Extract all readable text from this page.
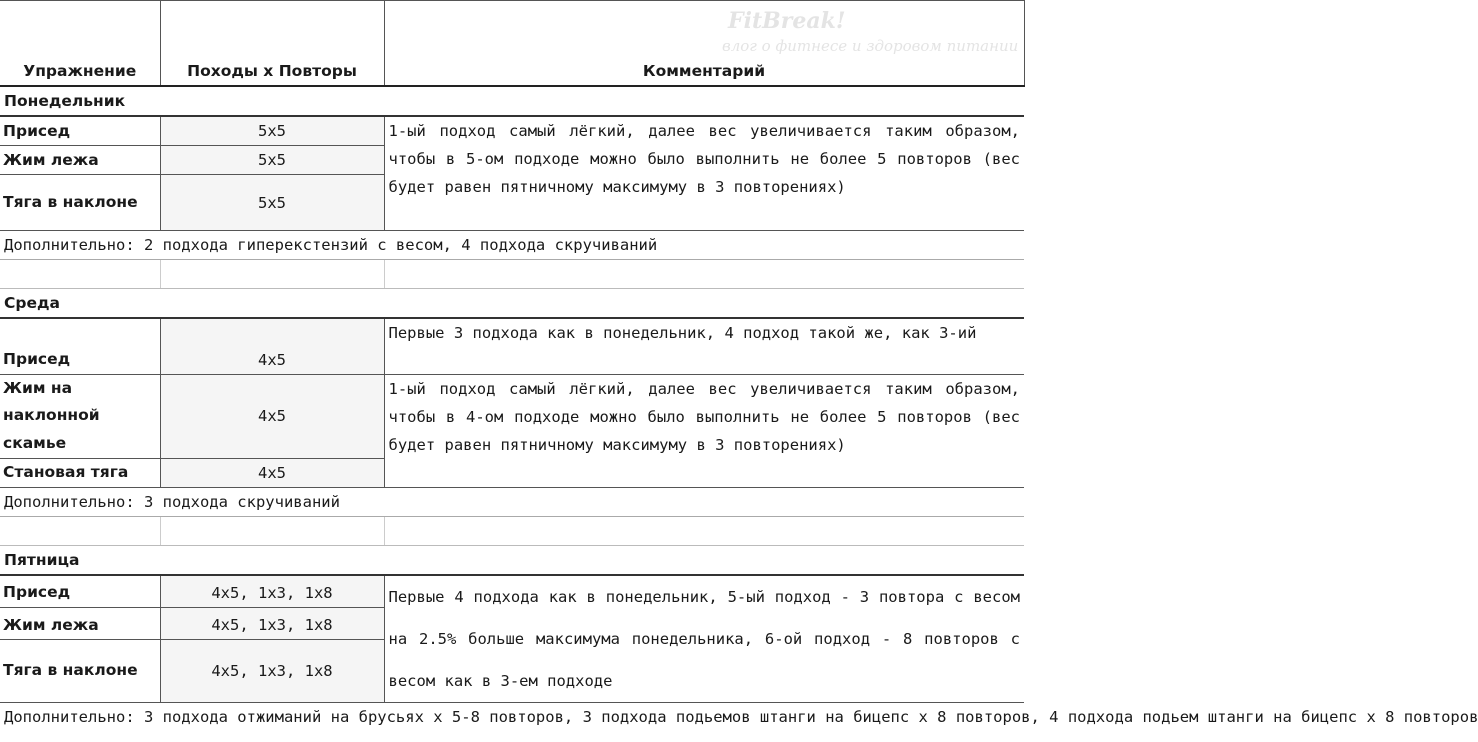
Упражнение	Походы х Повторы	Комментарий
Понедельник		
Присед	5x5	1-ый подход самый лёгкий, далее вес увеличивается таким образом, чтобы в 5-ом подходе можно было выполнить не более 5 повторов (вес будет равен пятничному максимуму в 3 повторениях)
Жим лежа	5x5	
Тяга в наклоне	5x5	
Дополнительно: 2 подхода гиперекстензий с весом, 4 подхода скручиваний		

Среда		
Присед	4x5	Первые 3 подхода как в понедельник, 4 подход такой же, как 3-ий
Жим на наклонной скамье	4x5	1-ый подход самый лёгкий, далее вес увеличивается таким образом, чтобы в 4-ом подходе можно было выполнить не более 5 повторов (вес будет равен пятничному максимуму в 3 повторениях)
Становая тяга	4x5	
Дополнительно: 3 подхода скручиваний		

Пятница		
Присед	4x5, 1x3, 1x8	Первые 4 подхода как в понедельник, 5-ый подход - 3 повтора с весом на 2.5% больше максимума понедельника, 6-ой подход - 8 повторов с весом как в 3-ем подходе
Жим лежа	4x5, 1x3, 1x8	
Тяга в наклоне	4x5, 1x3, 1x8	
Дополнительно: 3 подхода отжиманий на брусьях х 5-8 повторов, 3 подхода подьемов штанги на бицепс х 8 повторов, 4 подхода подьем штанги на бицепс х 8 повторов		
FitBreak!
влог о фитнесе и здоровом питании
